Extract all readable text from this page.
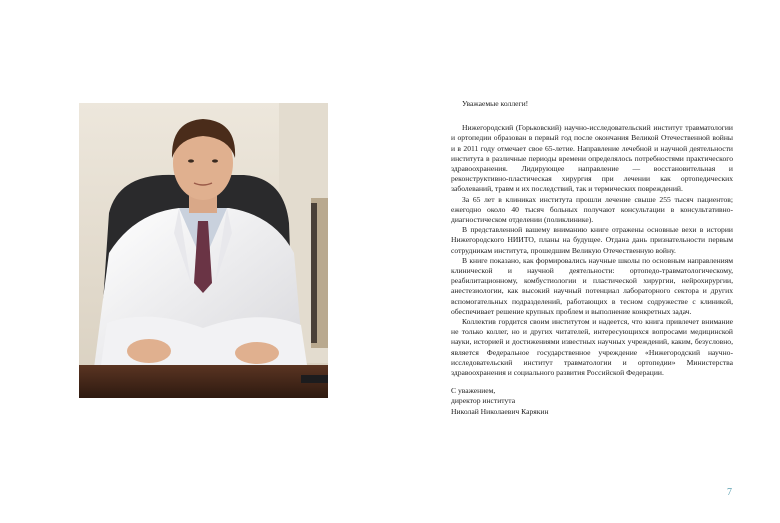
Уважаемые коллеги!

Нижегородский (Горьковский) научно-исследовательский институт травматологии и ортопедии образован в первый год после окончания Великой Отечественной войны и в 2011 году отмечает свое 65-летие. Направление лечебной и научной деятельности института в различные периоды времени определялось потребностями практического здравоохранения. Лидирующее направление — восстановительная и реконструктивно-пластическая хирургия при лечении как ортопедических заболеваний, травм и их последствий, так и термических повреждений.

За 65 лет в клиниках института прошли лечение свыше 255 тысяч пациентов; ежегодно около 40 тысяч больных получают консультации в консультативно-диагностическом отделении (поликлинике).

В представленной вашему вниманию книге отражены основные вехи в истории Нижегородского НИИТО, планы на будущее. Отдана дань признательности первым сотрудникам института, прошедшим Великую Отечественную войну.

В книге показано, как формировались научные школы по основным направлениям клинической и научной деятельности: ортопедо-травматологическому, реабилитационному, комбустиологии и пластической хирургии, нейрохирургии, анестезиологии, как высокий научный потенциал лабораторного сектора и других вспомогательных подразделений, работающих в тесном содружестве с клиникой, обеспечивает решение крупных проблем и выполнение конкретных задач.

Коллектив гордится своим институтом и надеется, что книга привлечет внимание не только коллег, но и других читателей, интересующихся вопросами медицинской науки, историей и достижениями известных научных учреждений, каким, безусловно, является Федеральное государственное учреждение «Нижегородский научно-исследовательский институт травматологии и ортопедии» Министерства здравоохранения и социального развития Российской Федерации.

С уважением,
директор института
Николай Николаевич Карякин
7
